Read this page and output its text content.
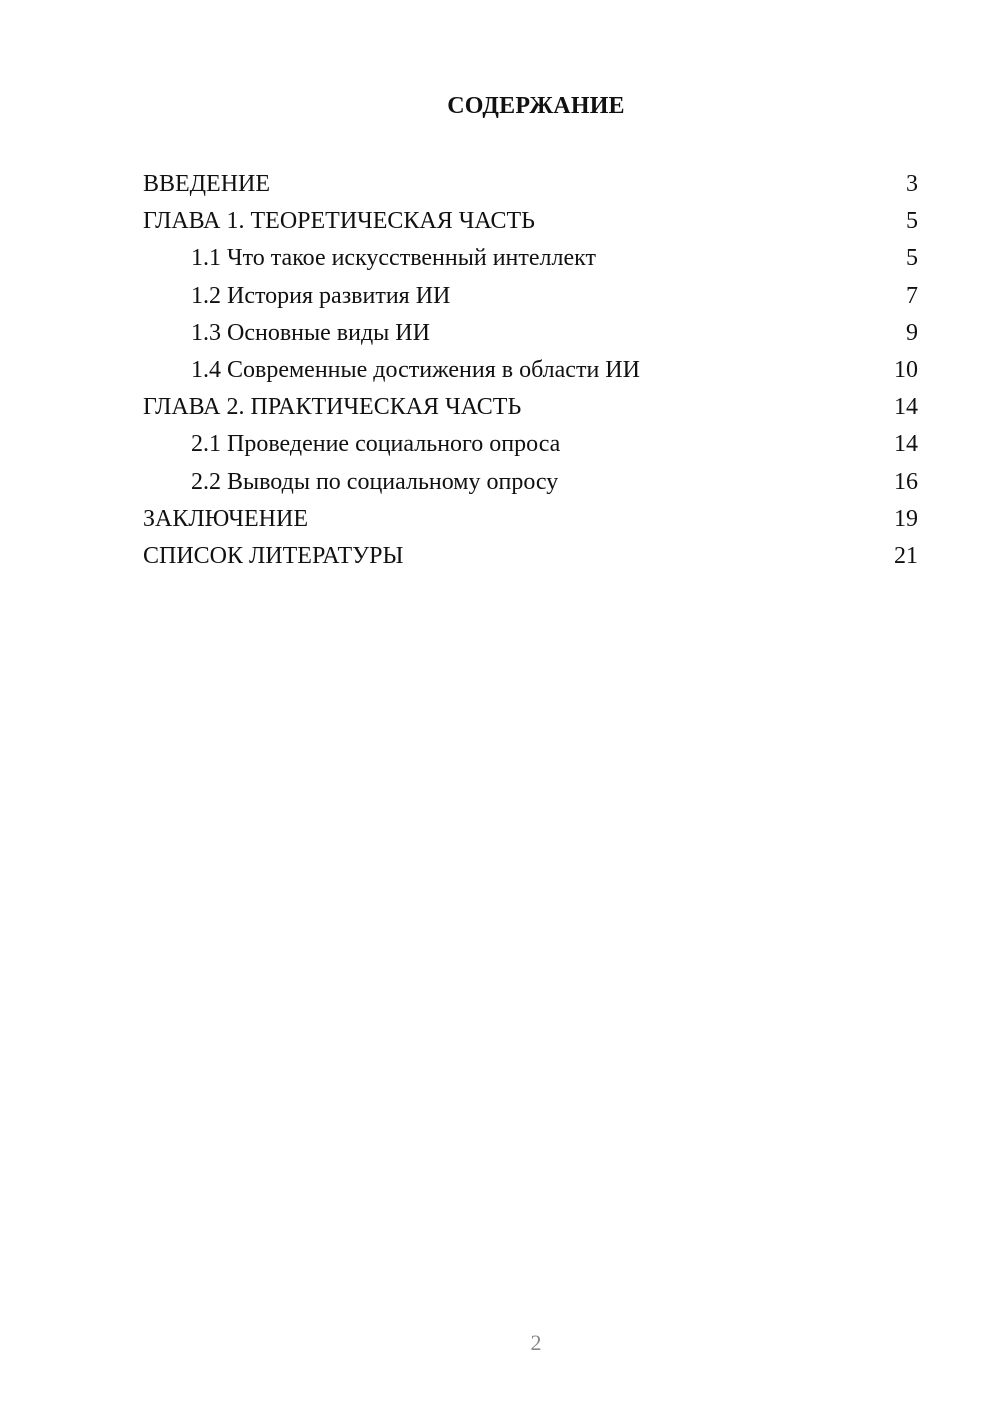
СОДЕРЖАНИЕ
ВВЕДЕНИЕ	3
ГЛАВА 1. ТЕОРЕТИЧЕСКАЯ ЧАСТЬ	5
1.1 Что такое искусственный интеллект	5
1.2 История развития ИИ	7
1.3 Основные виды ИИ	9
1.4 Современные достижения в области ИИ	10
ГЛАВА 2. ПРАКТИЧЕСКАЯ ЧАСТЬ	14
2.1 Проведение социального опроса	14
2.2 Выводы по социальному опросу	16
ЗАКЛЮЧЕНИЕ	19
СПИСОК ЛИТЕРАТУРЫ	21
2
